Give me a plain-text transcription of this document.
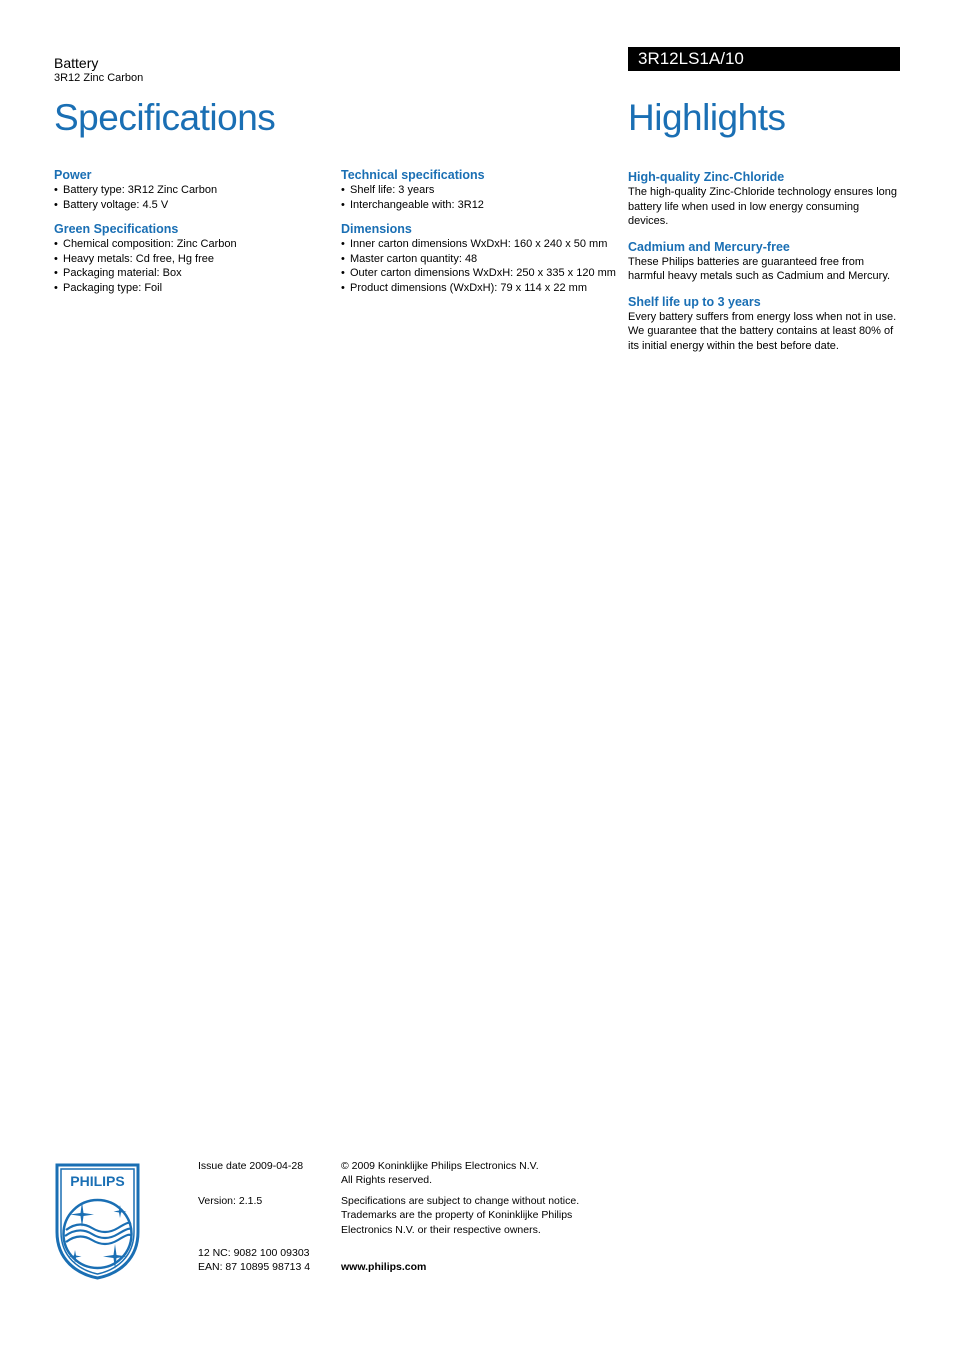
Battery
3R12 Zinc Carbon
3R12LS1A/10
Specifications	Highlights

Power

• Battery type: 3R12 Zinc Carbon
• Battery voltage: 4.5 V

Green Specifications

• Chemical composition: Zinc Carbon
• Heavy metals: Cd free, Hg free
• Packaging material: Box
• Packaging type: Foil

Technical specifications

• Shelf life: 3 years
• Interchangeable with: 3R12

Dimensions

• Inner carton dimensions WxDxH: 160 x 240 x 50 mm
• Master carton quantity: 48
• Outer carton dimensions WxDxH: 250 x 335 x 120 mm
• Product dimensions (WxDxH): 79 x 114 x 22 mm

High-quality Zinc-Chloride

The high-quality Zinc-Chloride technology ensures long battery life when used in low energy consuming devices.

Cadmium and Mercury-free

These Philips batteries are guaranteed free from harmful heavy metals such as Cadmium and Mercury.

Shelf life up to 3 years

Every battery suffers from energy loss when not in use. We guarantee that the battery contains at least 80% of its initial energy within the best before date.

PHILIPS
Issue date 2009-04-28
Version: 2.1.5
12 NC: 9082 100 09303
EAN: 87 10895 98713 4
© 2009 Koninklijke Philips Electronics N.V.
All Rights reserved.
Specifications are subject to change without notice.
Trademarks are the property of Koninklijke Philips
Electronics N.V. or their respective owners.
www.philips.com
